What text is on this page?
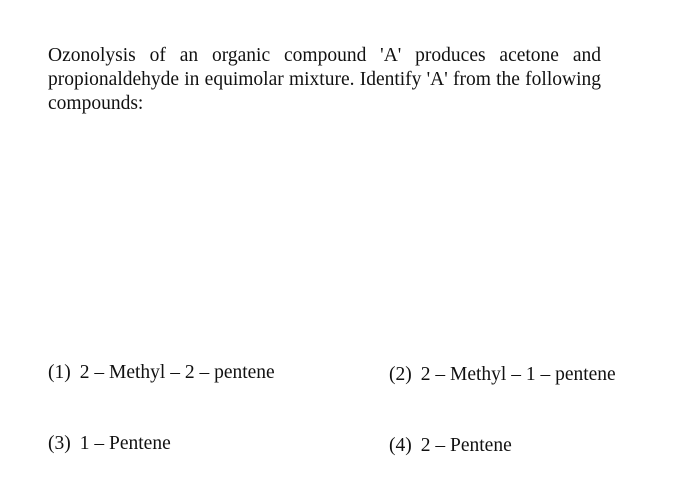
Ozonolysis of an organic compound 'A' produces acetone and propionaldehyde in equimolar mixture. Identify 'A' from the following compounds:

(1) 2 – Methyl – 2 – pentene	(2) 2 – Methyl – 1 – pentene
(3) 1 – Pentene	(4) 2 – Pentene
